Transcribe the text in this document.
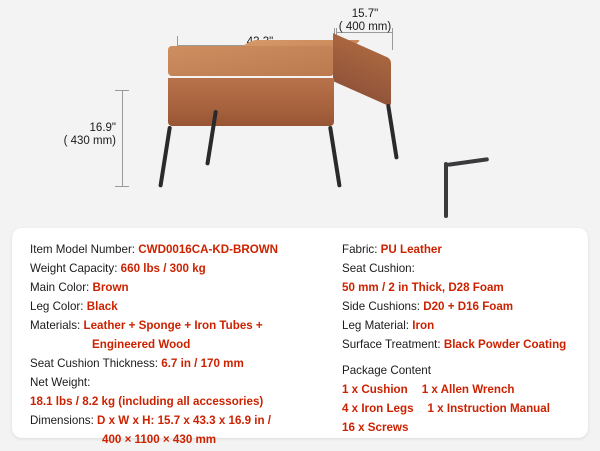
15.7"
( 400 mm)
16.9"
( 430 mm)
Item Model Number: CWD0016CA-KD-BROWN
Weight Capacity: 660 lbs / 300 kg
Main Color: Brown
Leg Color: Black
Materials: Leather + Sponge + Iron Tubes +
Engineered Wood
Seat Cushion Thickness: 6.7 in / 170 mm
Net Weight:
18.1 lbs / 8.2 kg (including all accessories)
Dimensions: D x W x H: 15.7 x 43.3 x 16.9 in /
400 × 1100 × 430 mm
Fabric: PU Leather
Seat Cushion:
50 mm / 2 in Thick, D28 Foam
Side Cushions: D20 + D16 Foam
Leg Material: Iron
Surface Treatment: Black Powder Coating
Package Content
1 x Cushion 1 x Allen Wrench
4 x Iron Legs 1 x Instruction Manual
16 x Screws
